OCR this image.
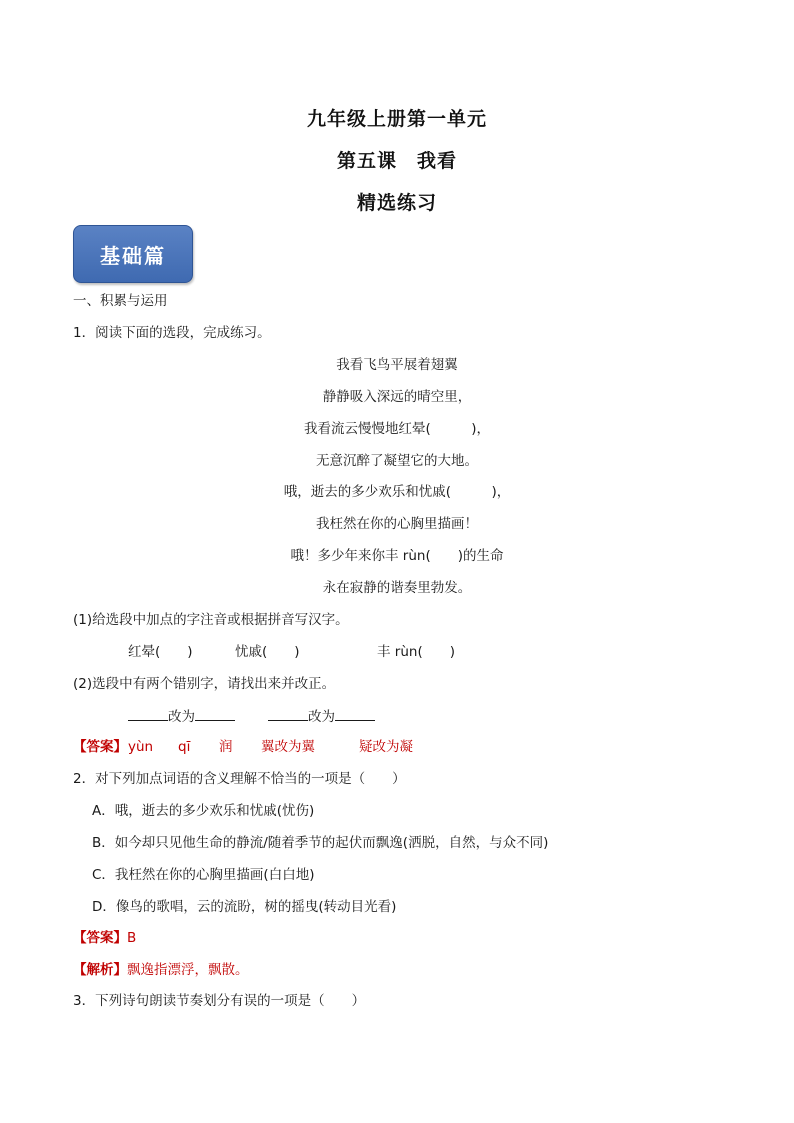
九年级上册第一单元
第五课　我看
精选练习
基础篇
一、积累与运用
1．阅读下面的选段，完成练习。
我看飞鸟平展着翅翼
静静吸入深远的晴空里，
我看流云慢慢地红晕(　　　)，
无意沉醉了凝望它的大地。
哦，逝去的多少欢乐和忧戚(　　　)，
我枉然在你的心胸里描画！
哦！多少年来你丰 rùn(　　)的生命
永在寂静的谐奏里勃发。
(1)给选段中加点的字注音或根据拼音写汉字。
红晕(　　)	忧戚(　　)	丰 rùn(　　)
(2)选段中有两个错别字，请找出来并改正。
改为	改为
【答案】 yùn qī 润 翼改为翼	疑改为凝
2．对下列加点词语的含义理解不恰当的一项是（　　）
A．哦，逝去的多少欢乐和忧戚(忧伤)
B．如今却只见他生命的静流/随着季节的起伏而飘逸(洒脱，自然，与众不同)
C．我枉然在你的心胸里描画(白白地)
D．像鸟的歌唱，云的流盼，树的摇曳(转动目光看)
【答案】B
【解析】飘逸指漂浮，飘散。
3．下列诗句朗读节奏划分有误的一项是（　　）
